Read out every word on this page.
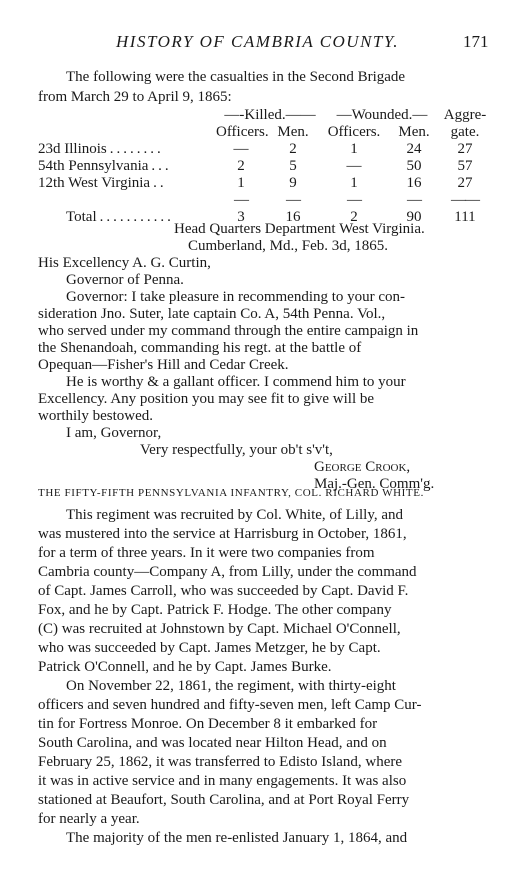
HISTORY OF CAMBRIA COUNTY.	171
The following were the casualties in the Second Brigade
from March 29 to April 9, 1865:
—-Killed.——	—Wounded.—	Aggre-
Officers. Men.	Officers.	Men.	gate.
23d Illinois . . . . . . . .	—	2	1	24	27
54th Pennsylvania . . .	2	5	—	50	57
12th West Virginia . .	1	9	1	16	27
—	—	—	—	——
Total . . . . . . . . . . .	3	16	2	90	111

Head Quarters Department West Virginia.

Cumberland, Md., Feb. 3d, 1865.

His Excellency A. G. Curtin,

Governor of Penna.

Governor: I take pleasure in recommending to your con-

sideration Jno. Suter, late captain Co. A, 54th Penna. Vol.,

who served under my command through the entire campaign in

the Shenandoah, commanding his regt. at the battle of

Opequan—Fisher's Hill and Cedar Creek.

He is worthy & a gallant officer. I commend him to your

Excellency. Any position you may see fit to give will be

worthily bestowed.

I am, Governor,

Very respectfully, your ob't s'v't,

George Crook,

Maj.-Gen. Comm'g.

THE FIFTY-FIFTH PENNSYLVANIA INFANTRY, COL. RICHARD WHITE.
This regiment was recruited by Col. White, of Lilly, and
was mustered into the service at Harrisburg in October, 1861,
for a term of three years. In it were two companies from
Cambria county—Company A, from Lilly, under the command
of Capt. James Carroll, who was succeeded by Capt. David F.
Fox, and he by Capt. Patrick F. Hodge. The other company
(C) was recruited at Johnstown by Capt. Michael O'Connell,
who was succeeded by Capt. James Metzger, he by Capt.
Patrick O'Connell, and he by Capt. James Burke.
On November 22, 1861, the regiment, with thirty-eight
officers and seven hundred and fifty-seven men, left Camp Cur-
tin for Fortress Monroe. On December 8 it embarked for
South Carolina, and was located near Hilton Head, and on
February 25, 1862, it was transferred to Edisto Island, where
it was in active service and in many engagements. It was also
stationed at Beaufort, South Carolina, and at Port Royal Ferry
for nearly a year.
The majority of the men re-enlisted January 1, 1864, and
